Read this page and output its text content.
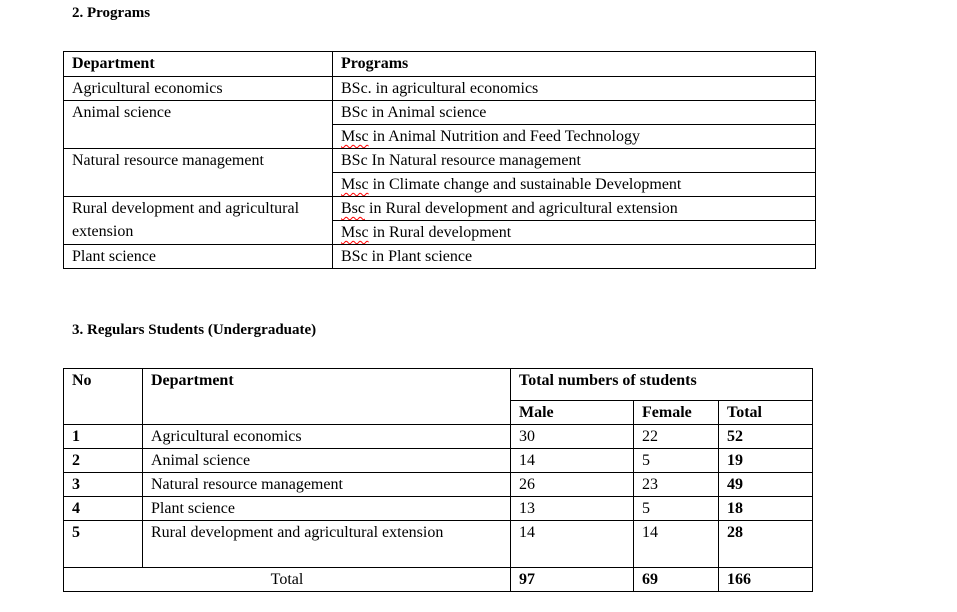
2. Programs
Department	Programs
Agricultural economics	BSc. in agricultural economics
Animal science	BSc in Animal science
	Msc in Animal Nutrition and Feed Technology
Natural resource management	BSc In Natural resource management
	Msc in Climate change and sustainable Development
Rural development and agricultural extension	Bsc in Rural development and agricultural extension
	Msc in Rural development
Plant science	BSc in Plant science
3. Regulars Students (Undergraduate)
No	Department	Total numbers of students		
		Male	Female	Total
1	Agricultural economics	30	22	52
2	Animal science	14	5	19
3	Natural resource management	26	23	49
4	Plant science	13	5	18
5	Rural development and agricultural extension	14	14	28
Total		97	69	166
